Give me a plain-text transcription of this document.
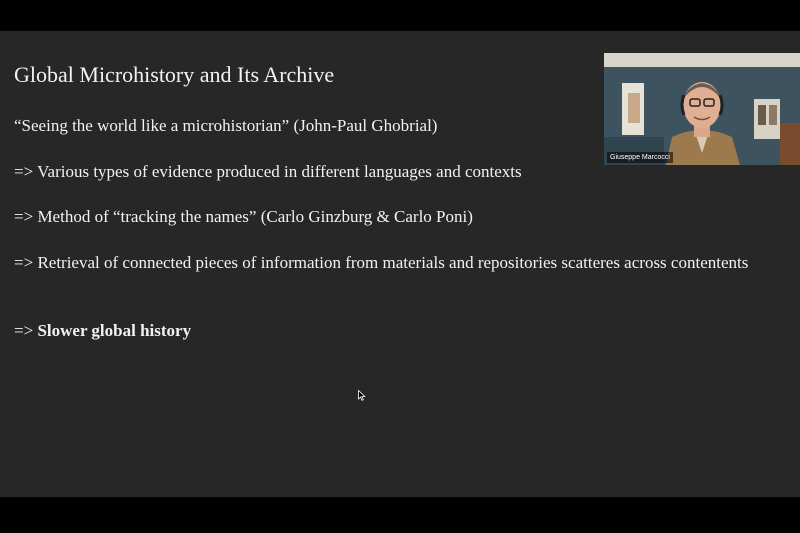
Global Microhistory and Its Archive

“Seeing the world like a microhistorian” (John-Paul Ghobrial)

=> Various types of evidence produced in different languages and contexts

=> Method of “tracking the names” (Carlo Ginzburg & Carlo Poni)

=> Retrieval of connected pieces of information from materials and repositories scatteres across contentents

=> Slower global history

Giuseppe Marcocci
